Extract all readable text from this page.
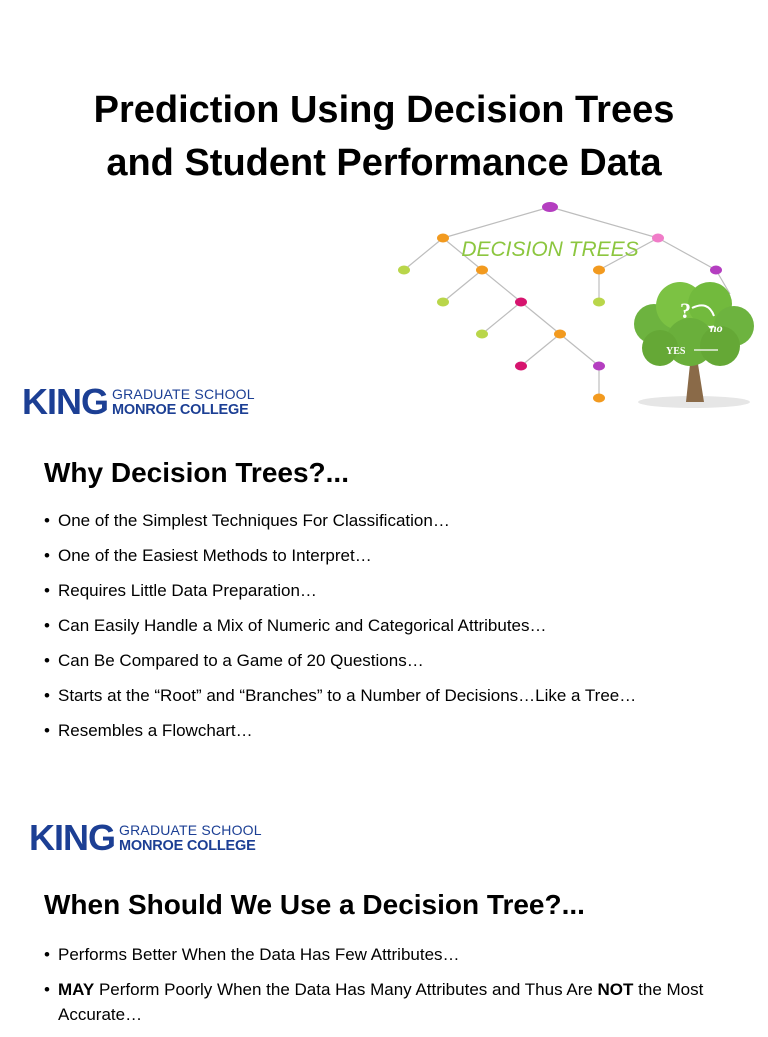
Prediction Using Decision Trees
and Student Performance Data
DECISION TREES
?
no
YES
KING GRADUATE SCHOOL
MONROE COLLEGE
Why Decision Trees?...
• One of the Simplest Techniques For Classification…
• One of the Easiest Methods to Interpret…
• Requires Little Data Preparation…
• Can Easily Handle a Mix of Numeric and Categorical Attributes…
• Can Be Compared to a Game of 20 Questions…
• Starts at the “Root” and “Branches” to a Number of Decisions…Like a Tree…
• Resembles a Flowchart…
KING GRADUATE SCHOOL
MONROE COLLEGE
When Should We Use a Decision Tree?...
• Performs Better When the Data Has Few Attributes…
• MAY Perform Poorly When the Data Has Many Attributes and Thus Are NOT the Most Accurate…
